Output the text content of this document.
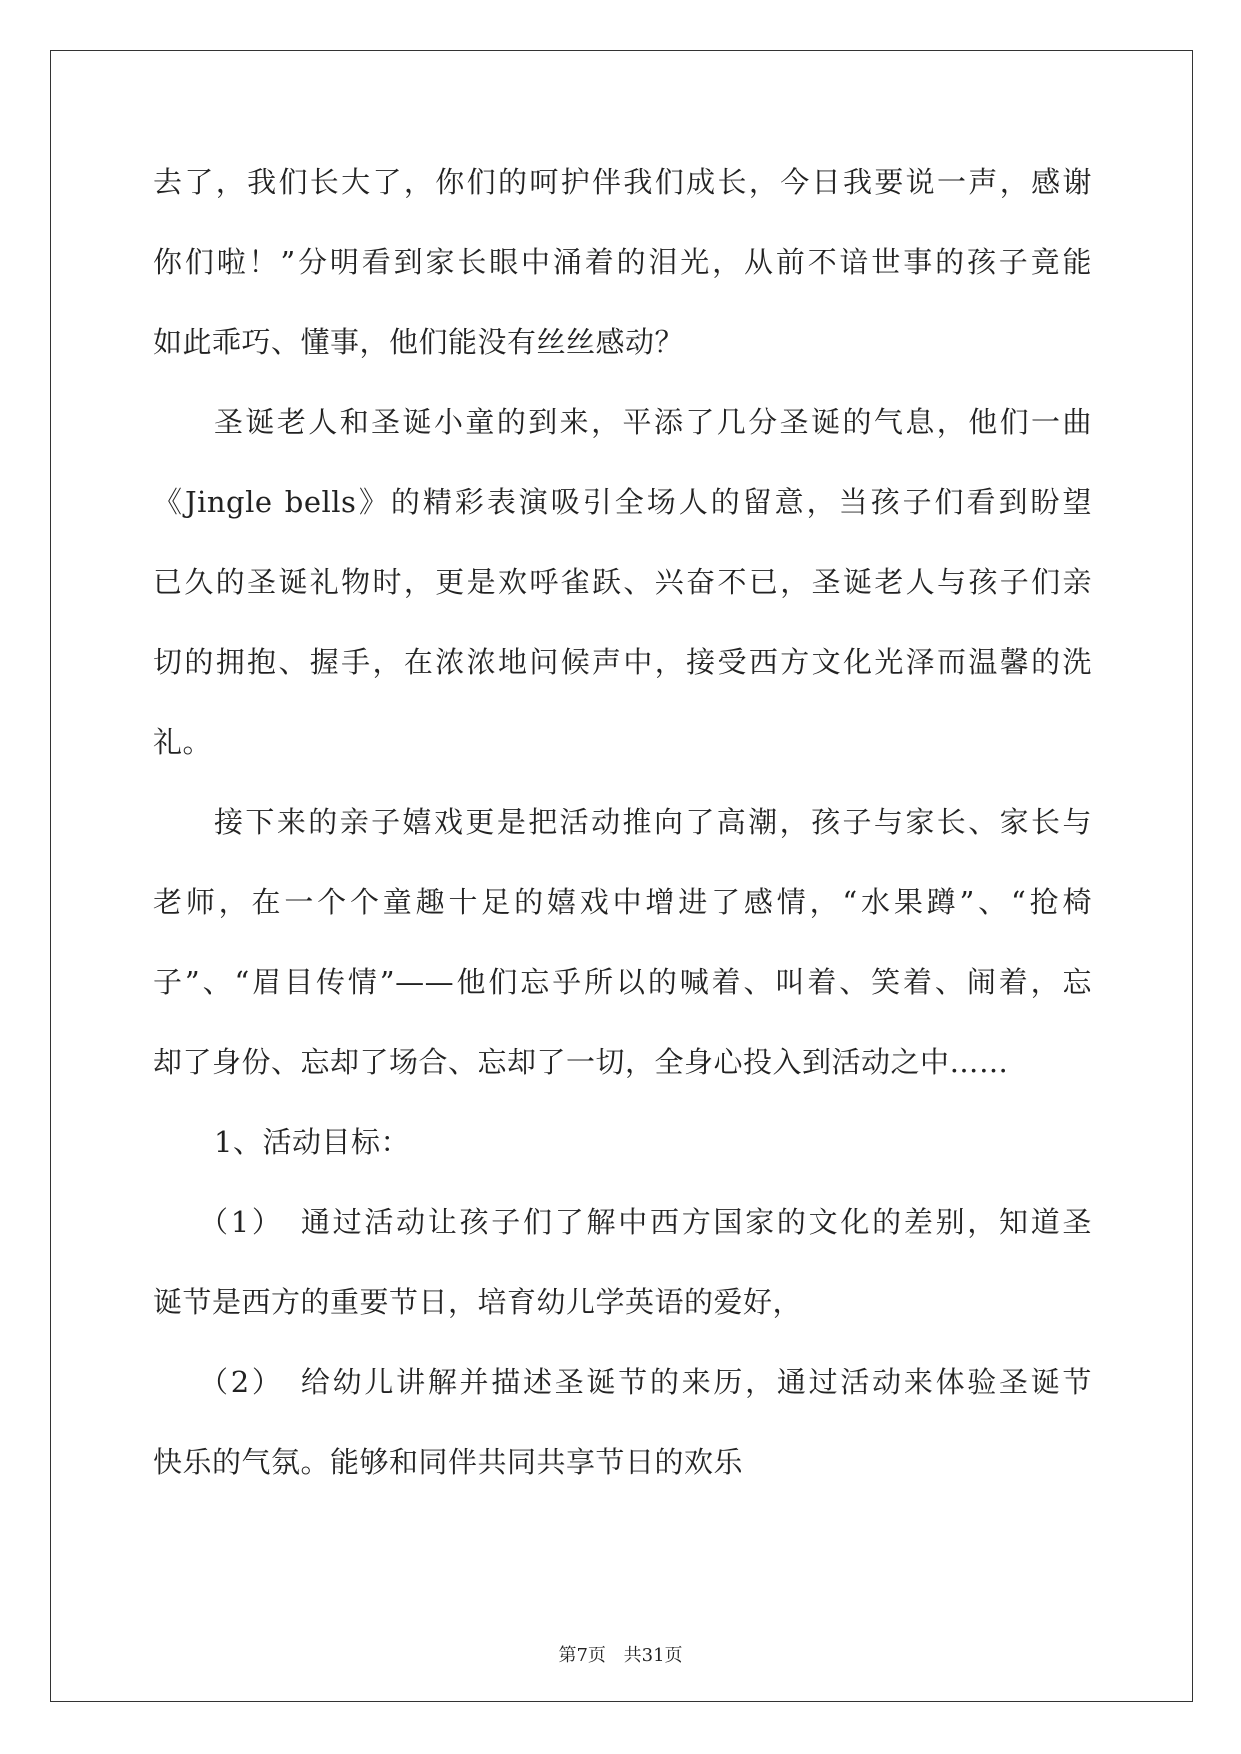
去了，我们长大了，你们的呵护伴我们成长，今日我要说一声，感谢
你们啦！”分明看到家长眼中涌着的泪光，从前不谙世事的孩子竟能
如此乖巧、懂事，他们能没有丝丝感动？
圣诞老人和圣诞小童的到来，平添了几分圣诞的气息，他们一曲
《Jingle bells》的精彩表演吸引全场人的留意，当孩子们看到盼望
已久的圣诞礼物时，更是欢呼雀跃、兴奋不已，圣诞老人与孩子们亲
切的拥抱、握手，在浓浓地问候声中，接受西方文化光泽而温馨的洗
礼。
接下来的亲子嬉戏更是把活动推向了高潮，孩子与家长、家长与
老师，在一个个童趣十足的嬉戏中增进了感情，“水果蹲”、“抢椅
子”、“眉目传情”——他们忘乎所以的喊着、叫着、笑着、闹着，忘
却了身份、忘却了场合、忘却了一切，全身心投入到活动之中……
1、活动目标：
（1）　通过活动让孩子们了解中西方国家的文化的差别，知道圣
诞节是西方的重要节日，培育幼儿学英语的爱好，
（2）　给幼儿讲解并描述圣诞节的来历，通过活动来体验圣诞节
快乐的气氛。能够和同伴共同共享节日的欢乐
第7页 共31页
